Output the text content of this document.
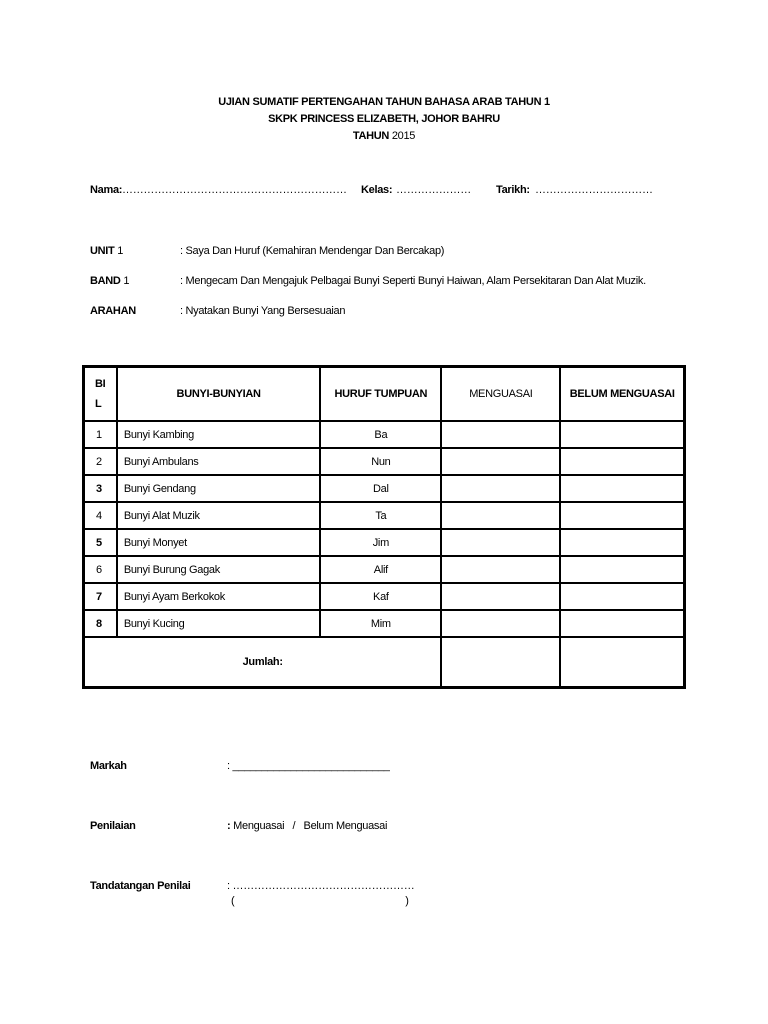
UJIAN SUMATIF PERTENGAHAN TAHUN BAHASA ARAB TAHUN 1
SKPK PRINCESS ELIZABETH, JOHOR BAHRU
TAHUN 2015
Nama: ……………………………………………………… Kelas: ………………… Tarikh: ……………………………
UNIT 1	: Saya Dan Huruf (Kemahiran Mendengar Dan Bercakap)
BAND 1	: Mengecam Dan Mengajuk Pelbagai Bunyi Seperti Bunyi Haiwan, Alam Persekitaran Dan Alat Muzik.
ARAHAN	: Nyatakan Bunyi Yang Bersesuaian
BI
L	BUNYI-BUNYIAN	HURUF TUMPUAN	MENGUASAI	BELUM MENGUASAI
1	Bunyi Kambing	Ba		
2	Bunyi Ambulans	Nun		
3	Bunyi Gendang	Dal		
4	Bunyi Alat Muzik	Ta		
5	Bunyi Monyet	Jim		
6	Bunyi Burung Gagak	Alif		
7	Bunyi Ayam Berkokok	Kaf		
8	Bunyi Kucing	Mim		
Jumlah:				
Markah	: ___________________________
Penilaian	: Menguasai   /   Belum Menguasai
Tandatangan Penilai	: ……………………………………………
(                                                              )
